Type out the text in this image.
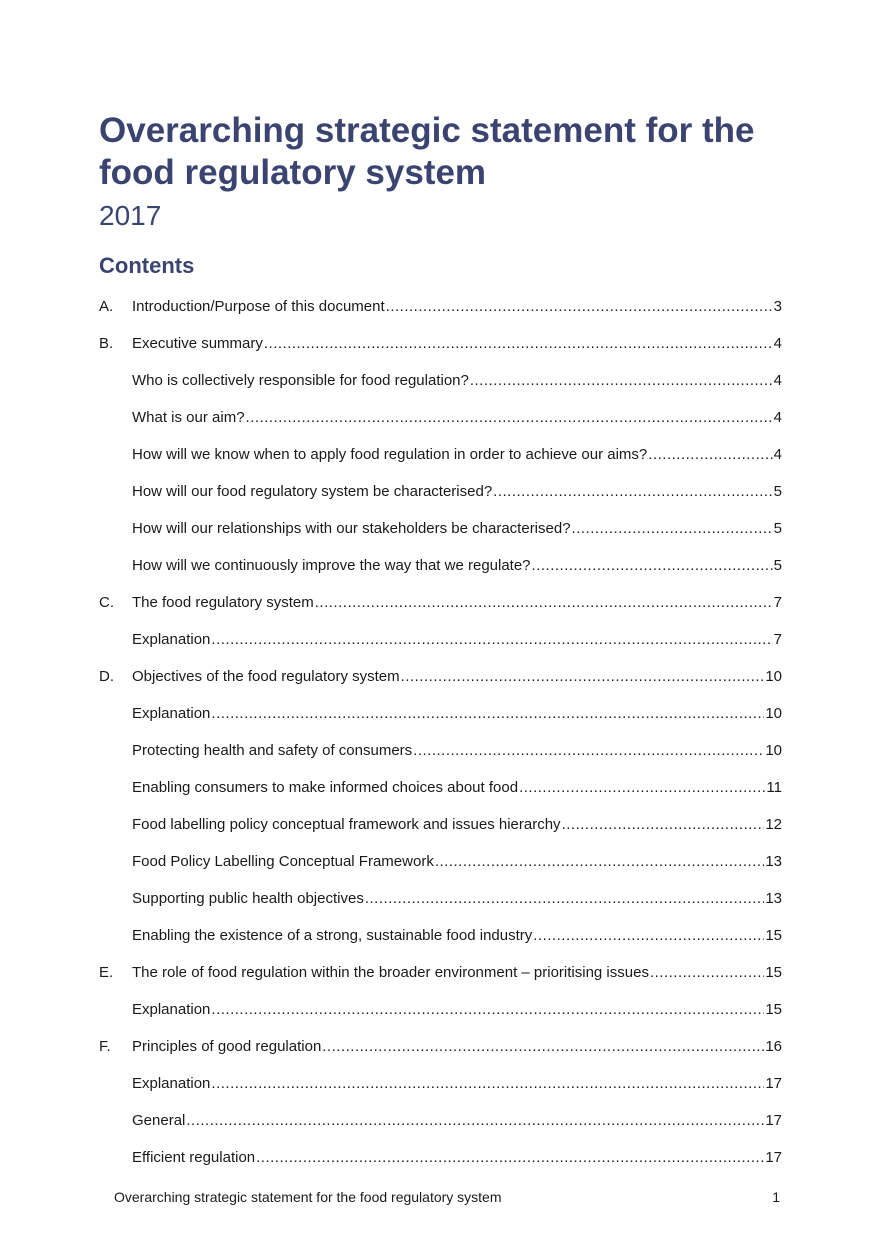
Overarching strategic statement for the food regulatory system
2017
Contents
A.	Introduction/Purpose of this document .....	3
B.	Executive summary .....	4
Who is collectively responsible for food regulation? .....	4
What is our aim? .....	4
How will we know when to apply food regulation in order to achieve our aims? .....	4
How will our food regulatory system be characterised? .....	5
How will our relationships with our stakeholders be characterised? .....	5
How will we continuously improve the way that we regulate? .....	5
C.	The food regulatory system .....	7
Explanation .....	7
D.	Objectives of the food regulatory system .....	10
Explanation .....	10
Protecting health and safety of consumers .....	10
Enabling consumers to make informed choices about food .....	11
Food labelling policy conceptual framework and issues hierarchy .....	12
Food Policy Labelling Conceptual Framework .....	13
Supporting public health objectives .....	13
Enabling the existence of a strong, sustainable food industry .....	15
E.	The role of food regulation within the broader environment – prioritising issues .....	15
Explanation .....	15
F.	Principles of good regulation .....	16
Explanation .....	17
General .....	17
Efficient regulation .....	17
Overarching strategic statement for the food regulatory system	1
